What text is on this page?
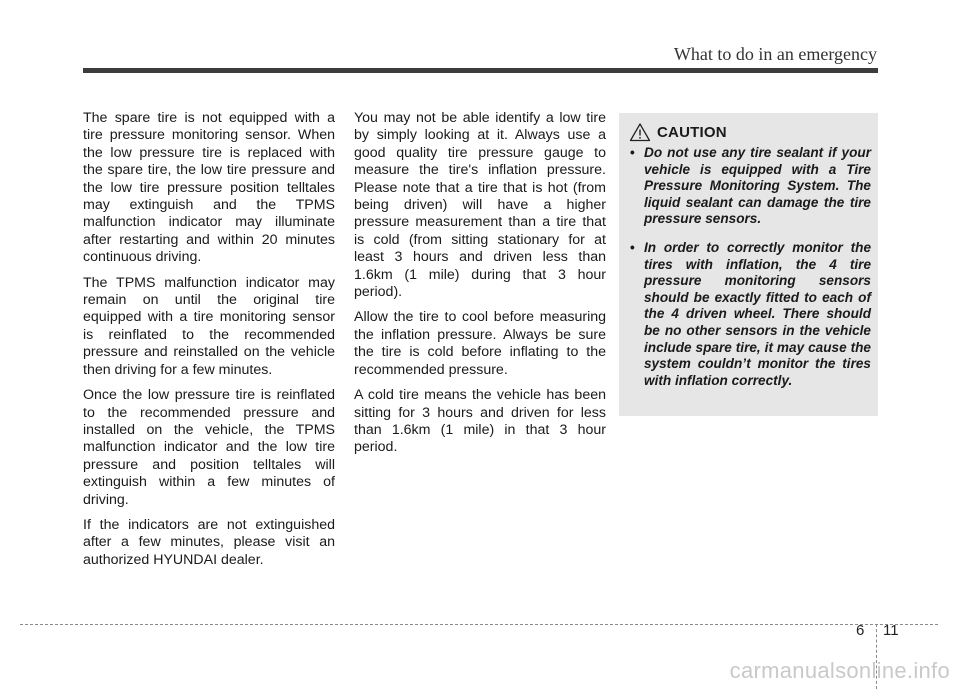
What to do in an emergency

The spare tire is not equipped with a tire pressure monitoring sensor. When the low pressure tire is replaced with the spare tire, the low tire pressure and the low tire pressure position telltales may extinguish and the TPMS malfunction indicator may illuminate after restarting and within 20 minutes continuous driving.

The TPMS malfunction indicator may remain on until the original tire equipped with a tire monitoring sensor is reinflated to the recommended pressure and reinstalled on the vehicle then driving for a few minutes.

Once the low pressure tire is reinflated to the recommended pressure and installed on the vehicle, the TPMS malfunction indicator and the low tire pressure and position telltales will extinguish within a few minutes of driving.

If the indicators are not extinguished after a few minutes, please visit an authorized HYUNDAI dealer.

You may not be able identify a low tire by simply looking at it. Always use a good quality tire pressure gauge to measure the tire's inflation pressure. Please note that a tire that is hot (from being driven) will have a higher pressure measurement than a tire that is cold (from sitting stationary for at least 3 hours and driven less than 1.6km (1 mile) during that 3 hour period).

Allow the tire to cool before measuring the inflation pressure. Always be sure the tire is cold before inflating to the recommended pressure.

A cold tire means the vehicle has been sitting for 3 hours and driven for less than 1.6km (1 mile) in that 3 hour period.

CAUTION
• Do not use any tire sealant if your vehicle is equipped with a Tire Pressure Monitoring System. The liquid sealant can damage the tire pressure sensors.
• In order to correctly monitor the tires with inflation, the 4 tire pressure monitoring sensors should be exactly fitted to each of the 4 driven wheel. There should be no other sensors in the vehicle include spare tire, it may cause the system couldn’t monitor the tires with inflation correctly.
6 11
carmanualsonline.info
